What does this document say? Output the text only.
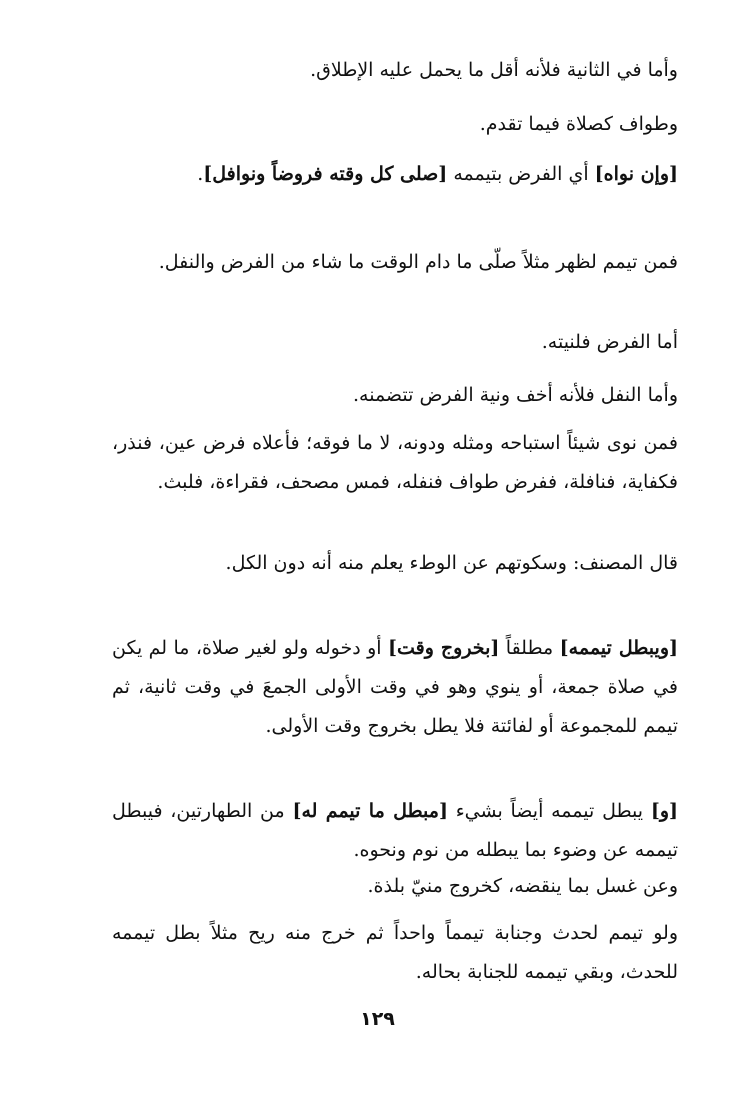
وأما في الثانية فلأنه أقل ما يحمل عليه الإطلاق.

وطواف كصلاة فيما تقدم.

[وإن نواه] أي الفرض بتيممه [صلى كل وقته فروضاً ونوافل].

فمن تيمم لظهر مثلاً صلّى ما دام الوقت ما شاء من الفرض والنفل.

أما الفرض فلنيته.

وأما النفل فلأنه أخف ونية الفرض تتضمنه.

فمن نوى شيئاً استباحه ومثله ودونه، لا ما فوقه؛ فأعلاه فرض عين، فنذر، فكفاية، فنافلة، ففرض طواف فنفله، فمس مصحف، فقراءة، فلبث.

قال المصنف: وسكوتهم عن الوطء يعلم منه أنه دون الكل.

[ويبطل تيممه] مطلقاً [بخروج وقت] أو دخوله ولو لغير صلاة، ما لم يكن في صلاة جمعة، أو ينوي وهو في وقت الأولى الجمعَ في وقت ثانية، ثم تيمم للمجموعة أو لفائتة فلا يطل بخروج وقت الأولى.

[و] يبطل تيممه أيضاً بشيء [مبطل ما تيمم له] من الطهارتين، فيبطل تيممه عن وضوء بما يبطله من نوم ونحوه.

وعن غسل بما ينقضه، كخروج منيّ بلذة.

ولو تيمم لحدث وجنابة تيمماً واحداً ثم خرج منه ريح مثلاً بطل تيممه للحدث، وبقي تيممه للجنابة بحاله.

١٢٩
